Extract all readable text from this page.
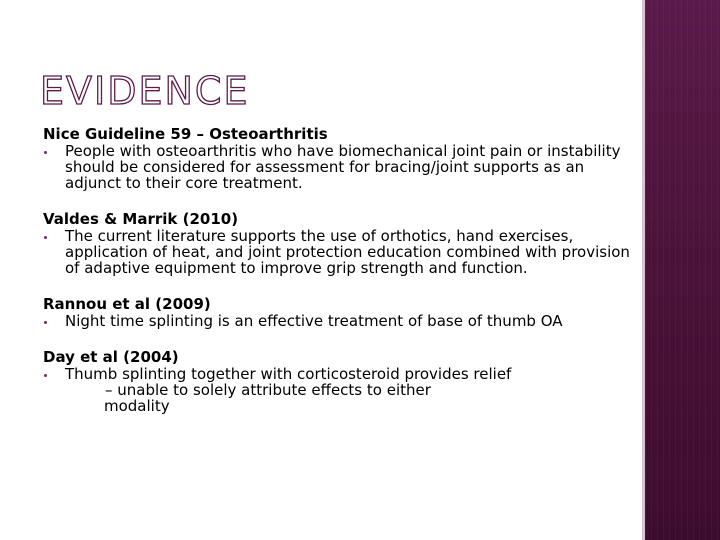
EVIDENCE
Nice Guideline 59 – Osteoarthritis
People with osteoarthritis who have biomechanical joint pain or instability should be considered for assessment for bracing/joint supports as an adjunct to their core treatment.
Valdes & Marrik (2010)
The current literature supports the use of orthotics, hand exercises, application of heat, and joint protection education combined with provision of adaptive equipment to improve grip strength and function.
Rannou et al (2009)
Night time splinting is an effective treatment of base of thumb OA
Day et al (2004)
Thumb splinting together with corticosteroid provides relief
– unable to solely attribute effects to either
modality
